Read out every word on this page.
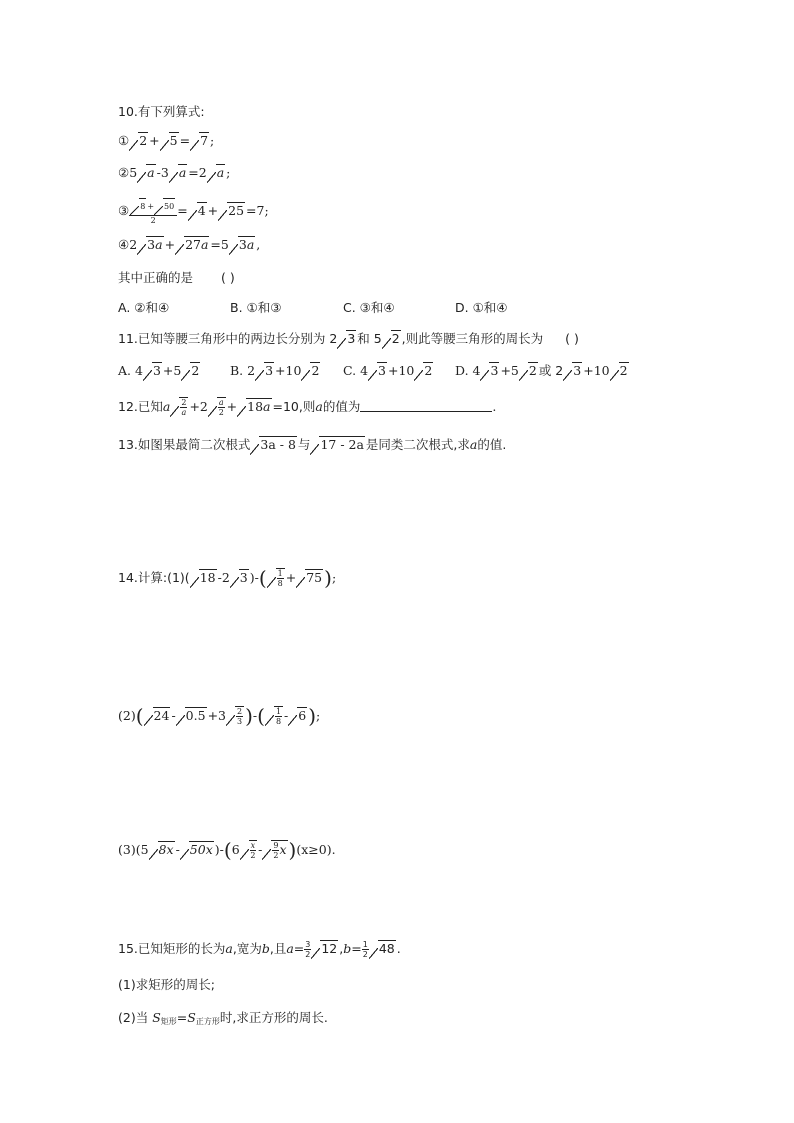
10.有下列算式:
① 2 + 5 = 7 ;
②5 a -3 a =2 a ;
③ $\frac{8 + 50}{2} = 4 + 25 =7$;
④2 3a + 27a =5 3a ,
其中正确的是 ( )
A. ②和④	B. ①和③	C. ③和④	D. ①和④
11.已知等腰三角形中的两边长分别为 2 3 和 5 2 ,则此等腰三角形的周长为 ( )
A. 4 3 +5 2 B. 2 3 +10 2 C. 4 3 +10 2 D. 4 3 +5 2 或 2 3 +10 2
12.已知a $\frac{2}{a} +2 \frac{a}{2} + 18a =10$,则a的值为	.
13.如图果最简二次根式 3a - 8 与 17 - 2a 是同类二次根式,求a的值.
14.计算:(1)( 18 -2 3 )-( $\frac{1}{8} + 75$ );
(2)( $24 - 0.5 +3 \frac{2}{3}$ )-( $\frac{1}{8} - 6$ );
(3)(5 8x - 50x )$-(6 \frac{x}{2} - \frac{9}{2}$ x )(x≥0).
15.已知矩形的长为a,宽为b,且$a= \frac{3}{2} 12$ $,b= \frac{1}{2} 48$ .
(1)求矩形的周长;
(2)当 $S_{矩形}=S_{正方形}$时,求正方形的周长.
